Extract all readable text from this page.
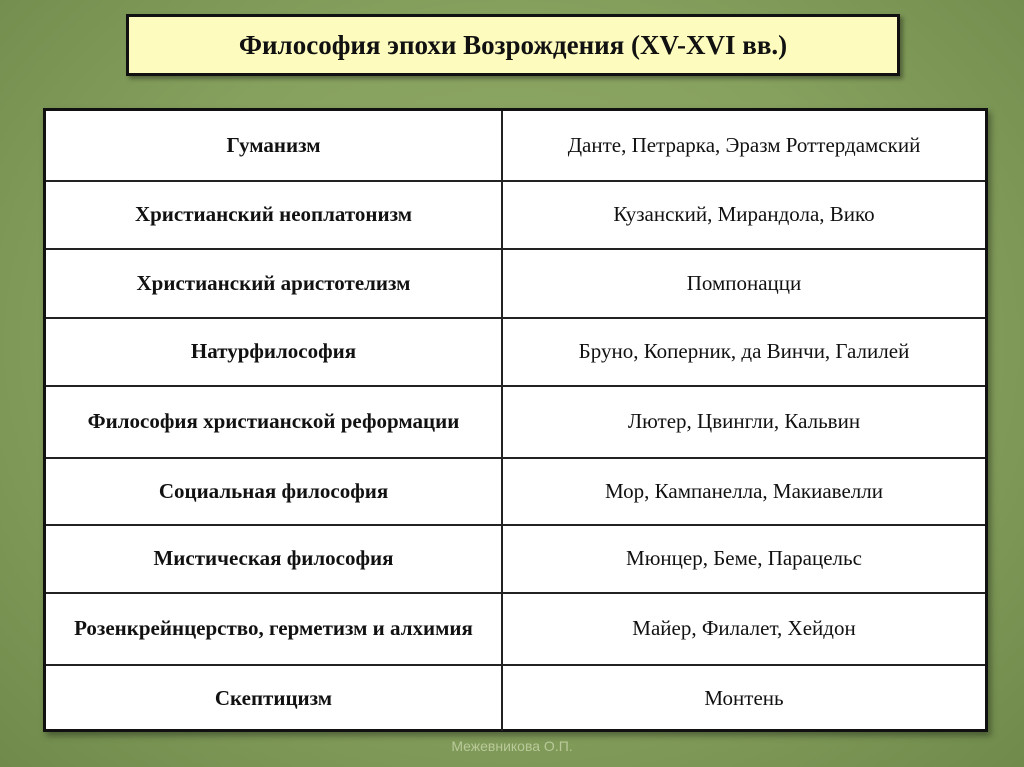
Философия эпохи Возрождения (XV-XVI вв.)
Гуманизм	Данте, Петрарка, Эразм Роттердамский
Христианский неоплатонизм	Кузанский, Мирандола, Вико
Христианский аристотелизм	Помпонацци
Натурфилософия	Бруно, Коперник, да Винчи, Галилей
Философия христианской реформации	Лютер, Цвингли, Кальвин
Социальная философия	Мор, Кампанелла, Макиавелли
Мистическая философия	Мюнцер, Беме, Парацельс
Розенкрейнцерство, герметизм и алхимия	Майер, Филалет, Хейдон
Скептицизм	Монтень
Межевникова О.П.
